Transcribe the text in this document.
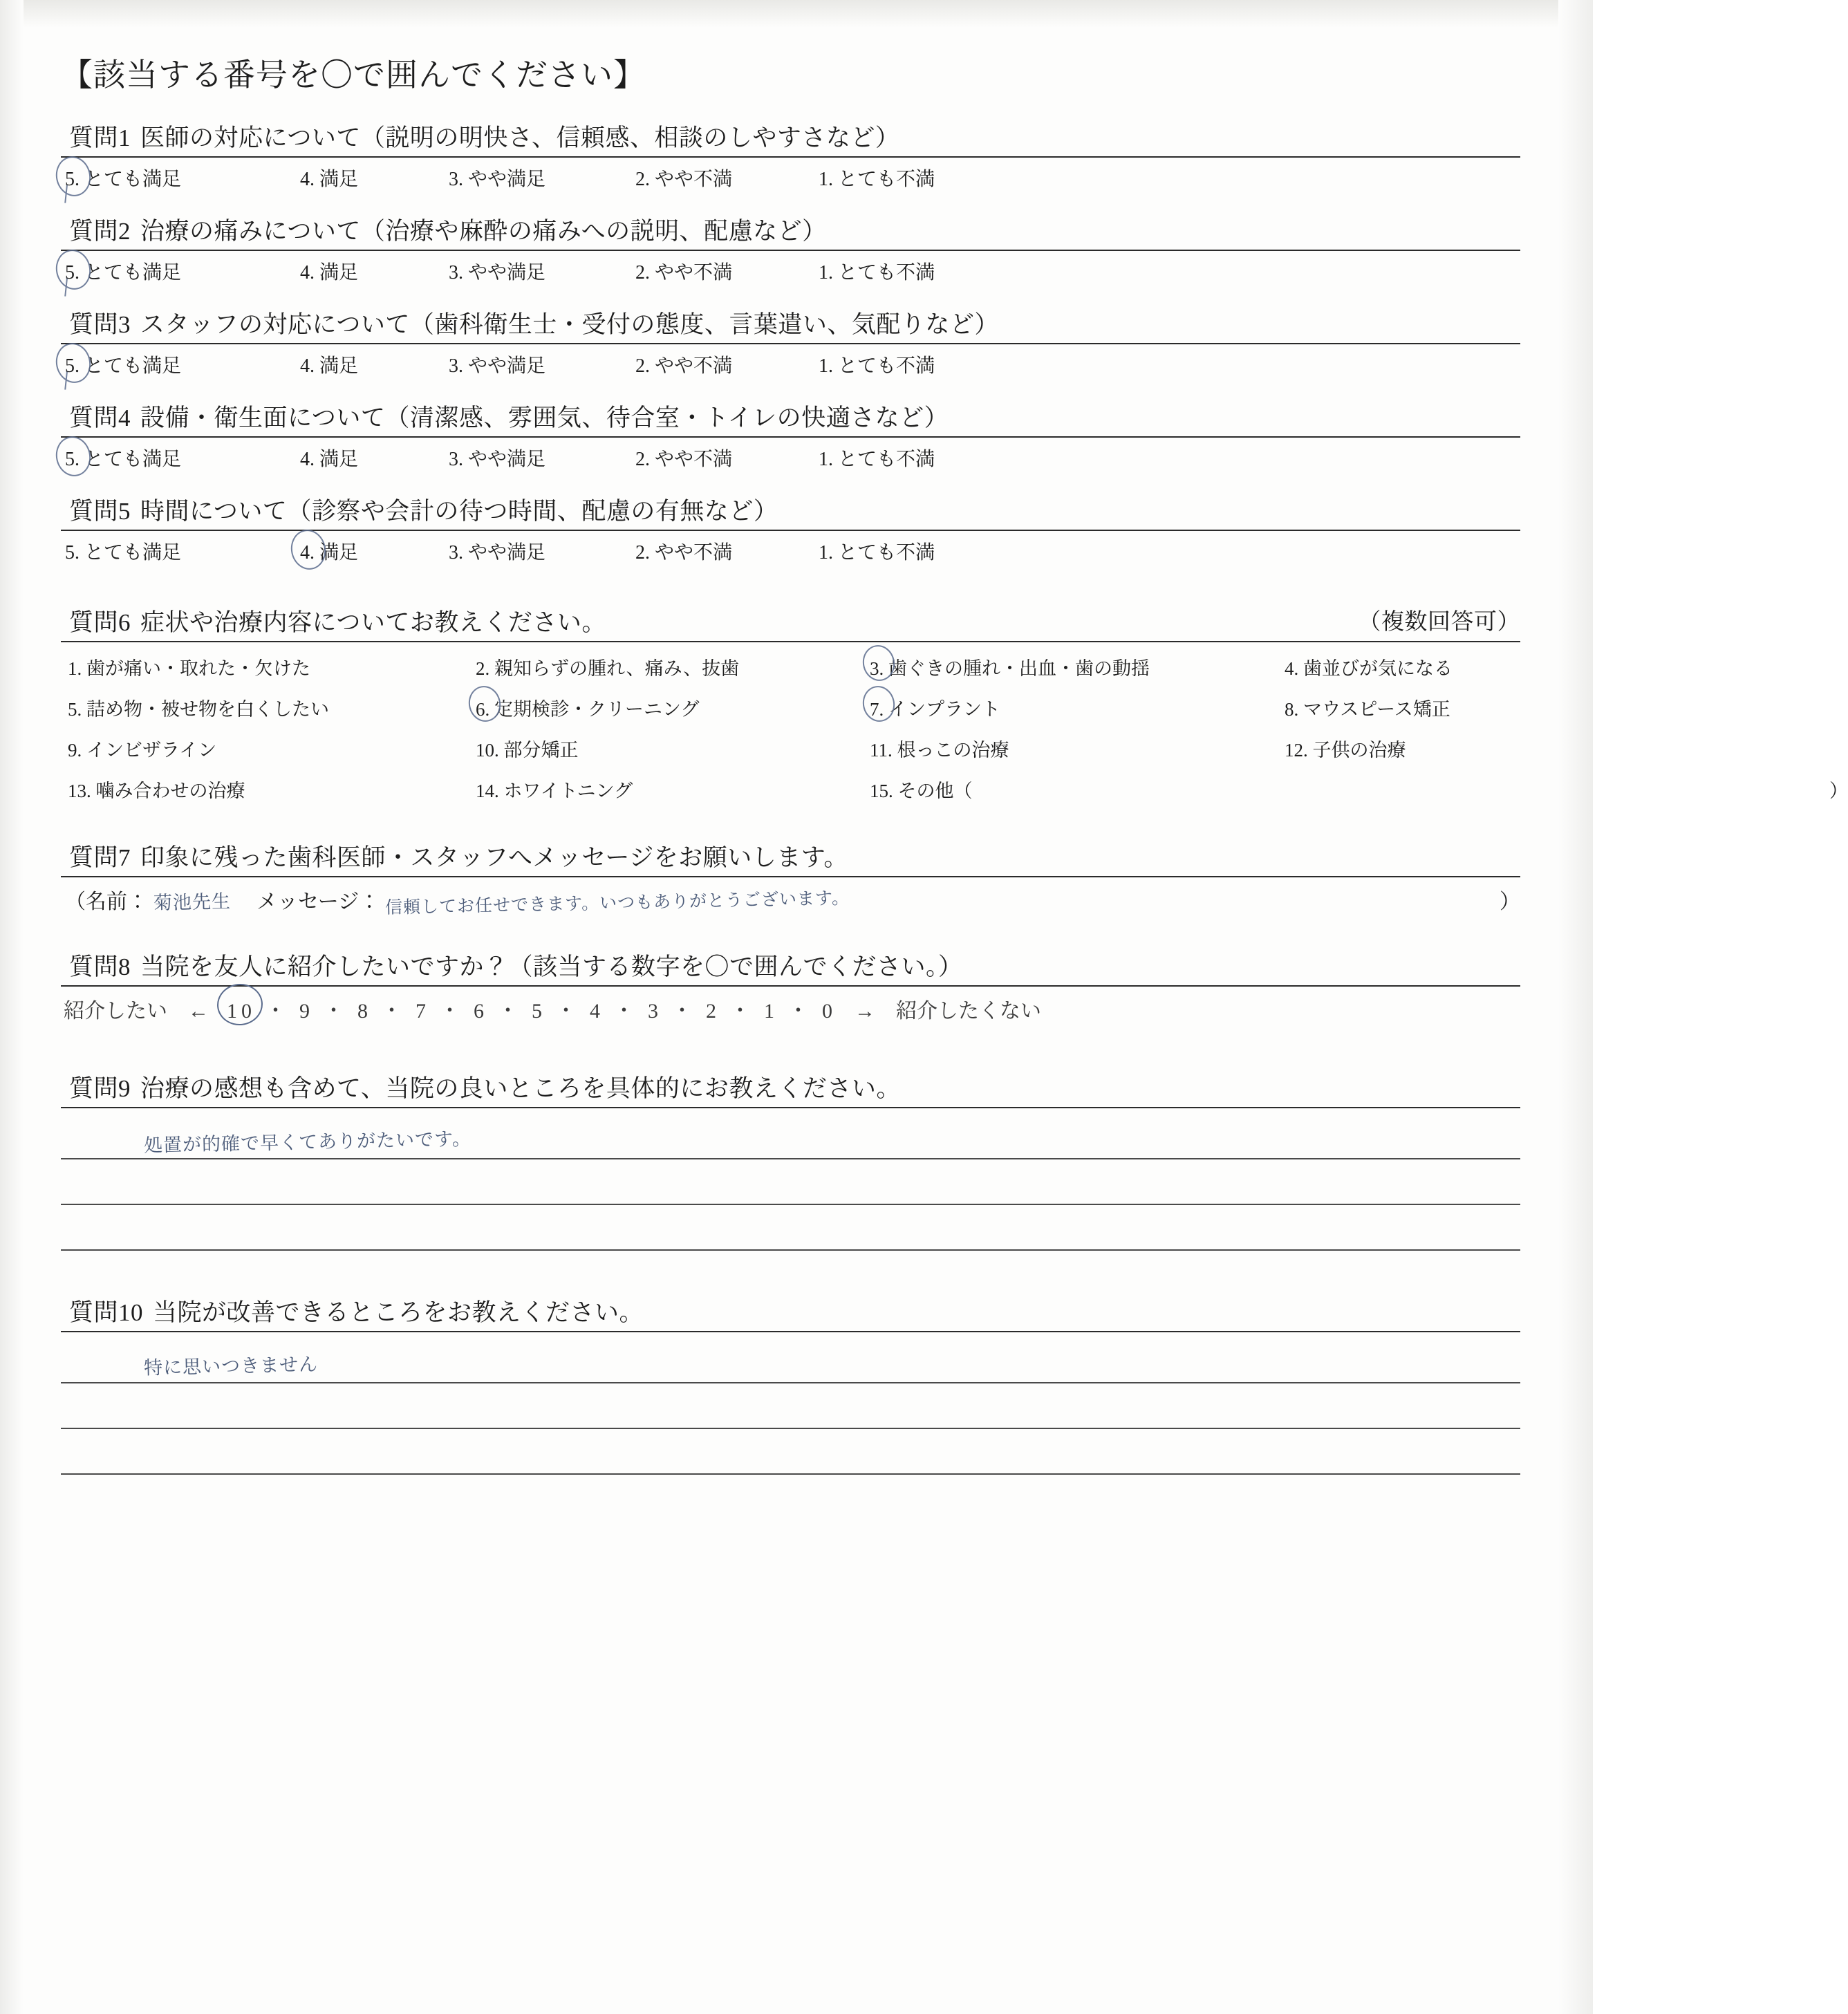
【該当する番号を〇で囲んでください】
質問1 医師の対応について（説明の明快さ、信頼感、相談のしやすさなど）
5. とても満足	4. 満足	3. やや満足	2. やや不満	1. とても不満
質問2 治療の痛みについて（治療や麻酔の痛みへの説明、配慮など）
5. とても満足	4. 満足	3. やや満足	2. やや不満	1. とても不満
質問3 スタッフの対応について（歯科衛生士・受付の態度、言葉遣い、気配りなど）
5. とても満足	4. 満足	3. やや満足	2. やや不満	1. とても不満
質問4 設備・衛生面について（清潔感、雰囲気、待合室・トイレの快適さなど）
5. とても満足	4. 満足	3. やや満足	2. やや不満	1. とても不満
質問5 時間について（診察や会計の待つ時間、配慮の有無など）
5. とても満足	4. 満足	3. やや満足	2. やや不満	1. とても不満
（複数回答可）
質問6 症状や治療内容についてお教えください。
1. 歯が痛い・取れた・欠けた	2. 親知らずの腫れ、痛み、抜歯	3. 歯ぐきの腫れ・出血・歯の動揺	4. 歯並びが気になる
5. 詰め物・被せ物を白くしたい	6. 定期検診・クリーニング	7. インプラント	8. マウスピース矯正
9. インビザライン	10. 部分矯正	11. 根っこの治療	12. 子供の治療
13. 噛み合わせの治療	14. ホワイトニング	15. その他（	）
質問7 印象に残った歯科医師・スタッフへメッセージをお願いします。
（名前： 菊池先生 メッセージ： 信頼してお任せできます。いつもありがとうございます。	）
質問8 当院を友人に紹介したいですか？（該当する数字を〇で囲んでください。）
紹介したい　← 10 ・ 9 ・ 8 ・ 7 ・ 6 ・ 5 ・ 4 ・ 3 ・ 2 ・ 1 ・ 0 →　紹介したくない
質問9 治療の感想も含めて、当院の良いところを具体的にお教えください。
処置が的確で早くてありがたいです。
質問10 当院が改善できるところをお教えください。
特に思いつきません
